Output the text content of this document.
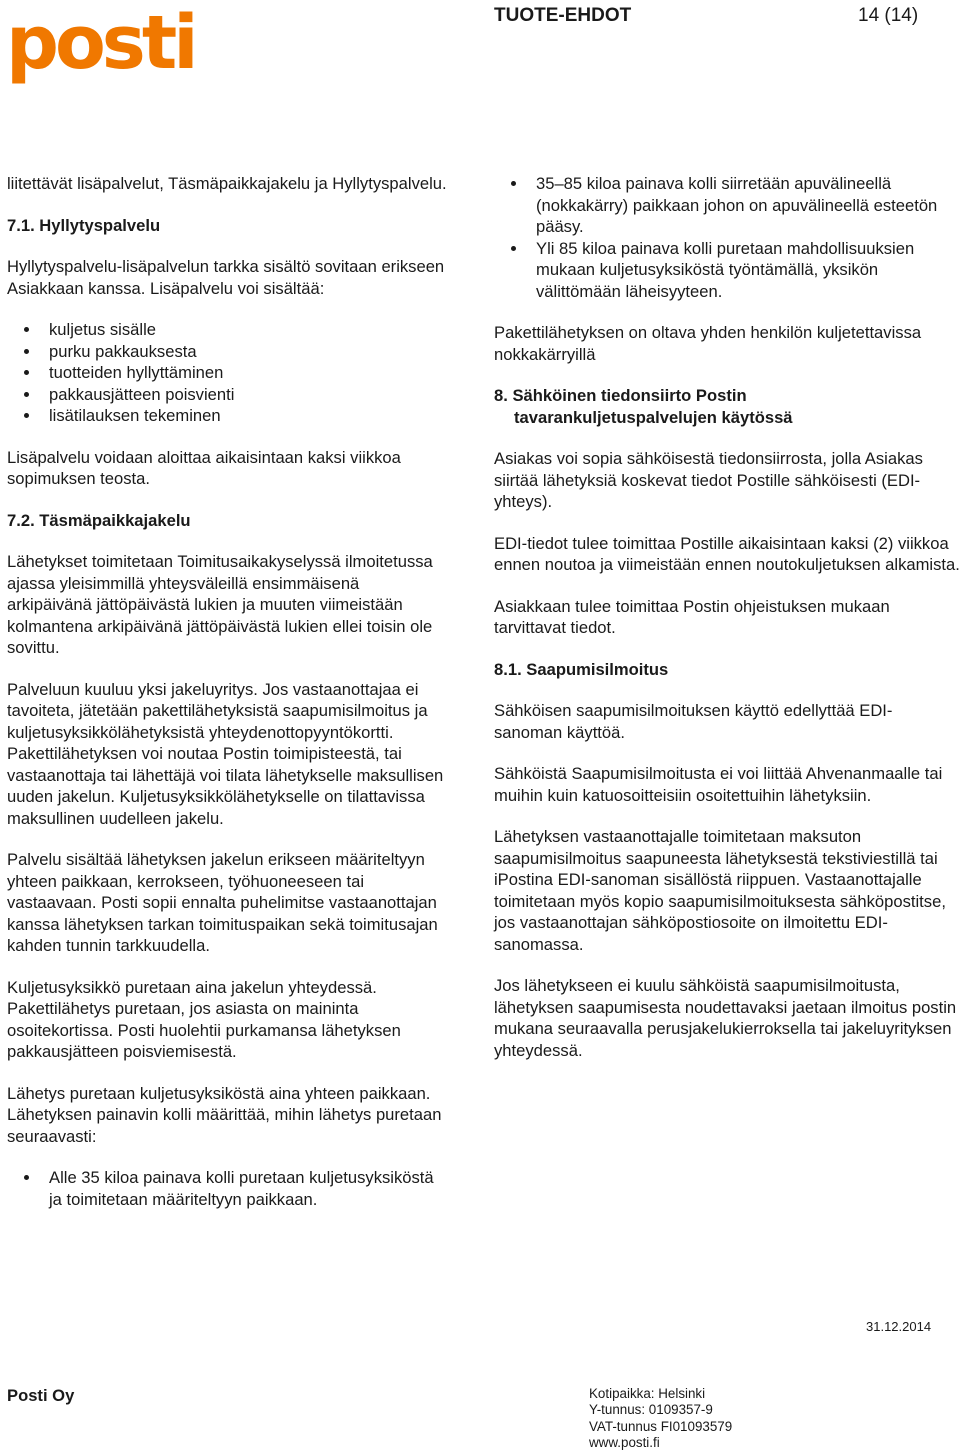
posti	TUOTE-EHDOT	14 (14)

liitettävät lisäpalvelut, Täsmäpaikkajakelu ja Hyllytyspalvelu.

7.1. Hyllytyspalvelu

Hyllytyspalvelu-lisäpalvelun tarkka sisältö sovitaan erikseen Asiakkaan kanssa. Lisäpalvelu voi sisältää:

kuljetus sisälle
purku pakkauksesta
tuotteiden hyllyttäminen
pakkausjätteen poisvienti
lisätilauksen tekeminen

Lisäpalvelu voidaan aloittaa aikaisintaan kaksi viikkoa sopimuksen teosta.

7.2. Täsmäpaikkajakelu

Lähetykset toimitetaan Toimitusaikakyselyssä ilmoitetussa ajassa yleisimmillä yhteysväleillä ensimmäisenä arkipäivänä jättöpäivästä lukien ja muuten viimeistään kolmantena arkipäivänä jättöpäivästä lukien ellei toisin ole sovittu.

Palveluun kuuluu yksi jakeluyritys. Jos vastaanottajaa ei tavoiteta, jätetään pakettilähetyksistä saapumisilmoitus ja kuljetusyksikkölähetyksistä yhteydenottopyyntökortti. Pakettilähetyksen voi noutaa Postin toimipisteestä, tai vastaanottaja tai lähettäjä voi tilata lähetykselle maksullisen uuden jakelun. Kuljetusyksikkölähetykselle on tilattavissa maksullinen uudelleen jakelu.

Palvelu sisältää lähetyksen jakelun erikseen määriteltyyn yhteen paikkaan, kerrokseen, työhuoneeseen tai vastaavaan. Posti sopii ennalta puhelimitse vastaanottajan kanssa lähetyksen tarkan toimituspaikan sekä toimitusajan kahden tunnin tarkkuudella.

Kuljetusyksikkö puretaan aina jakelun yhteydessä. Pakettilähetys puretaan, jos asiasta on maininta osoitekortissa. Posti huolehtii purkamansa lähetyksen pakkausjätteen poisviemisestä.

Lähetys puretaan kuljetusyksiköstä aina yhteen paikkaan. Lähetyksen painavin kolli määrittää, mihin lähetys puretaan seuraavasti:

Alle 35 kiloa painava kolli puretaan kuljetusyksiköstä ja toimitetaan määriteltyyn paikkaan.
35–85 kiloa painava kolli siirretään apuvälineellä (nokkakärry) paikkaan johon on apuvälineellä esteetön pääsy.
Yli 85 kiloa painava kolli puretaan mahdollisuuksien mukaan kuljetusyksiköstä työntämällä, yksikön välittömään läheisyyteen.

Pakettilähetyksen on oltava yhden henkilön kuljetettavissa nokkakärryillä

8. Sähköinen tiedonsiirto Postin
tavarankuljetuspalvelujen käytössä

Asiakas voi sopia sähköisestä tiedonsiirrosta, jolla Asiakas siirtää lähetyksiä koskevat tiedot Postille sähköisesti (EDI-yhteys).

EDI-tiedot tulee toimittaa Postille aikaisintaan kaksi (2) viikkoa ennen noutoa ja viimeistään ennen noutokuljetuksen alkamista.

Asiakkaan tulee toimittaa Postin ohjeistuksen mukaan tarvittavat tiedot.

8.1. Saapumisilmoitus

Sähköisen saapumisilmoituksen käyttö edellyttää EDI-sanoman käyttöä.

Sähköistä Saapumisilmoitusta ei voi liittää Ahvenanmaalle tai muihin kuin katuosoitteisiin osoitettuihin lähetyksiin.

Lähetyksen vastaanottajalle toimitetaan maksuton saapumisilmoitus saapuneesta lähetyksestä tekstiviestillä tai iPostina EDI-sanoman sisällöstä riippuen. Vastaanottajalle toimitetaan myös kopio saapumisilmoituksesta sähköpostitse, jos vastaanottajan sähköpostiosoite on ilmoitettu EDI-sanomassa.

Jos lähetykseen ei kuulu sähköistä saapumisilmoitusta, lähetyksen saapumisesta noudettavaksi jaetaan ilmoitus postin mukana seuraavalla perusjakelukierroksella tai jakeluyrityksen yhteydessä.

31.12.2014
Posti Oy	Kotipaikka: Helsinki
Y-tunnus: 0109357-9
VAT-tunnus FI01093579
www.posti.fi
